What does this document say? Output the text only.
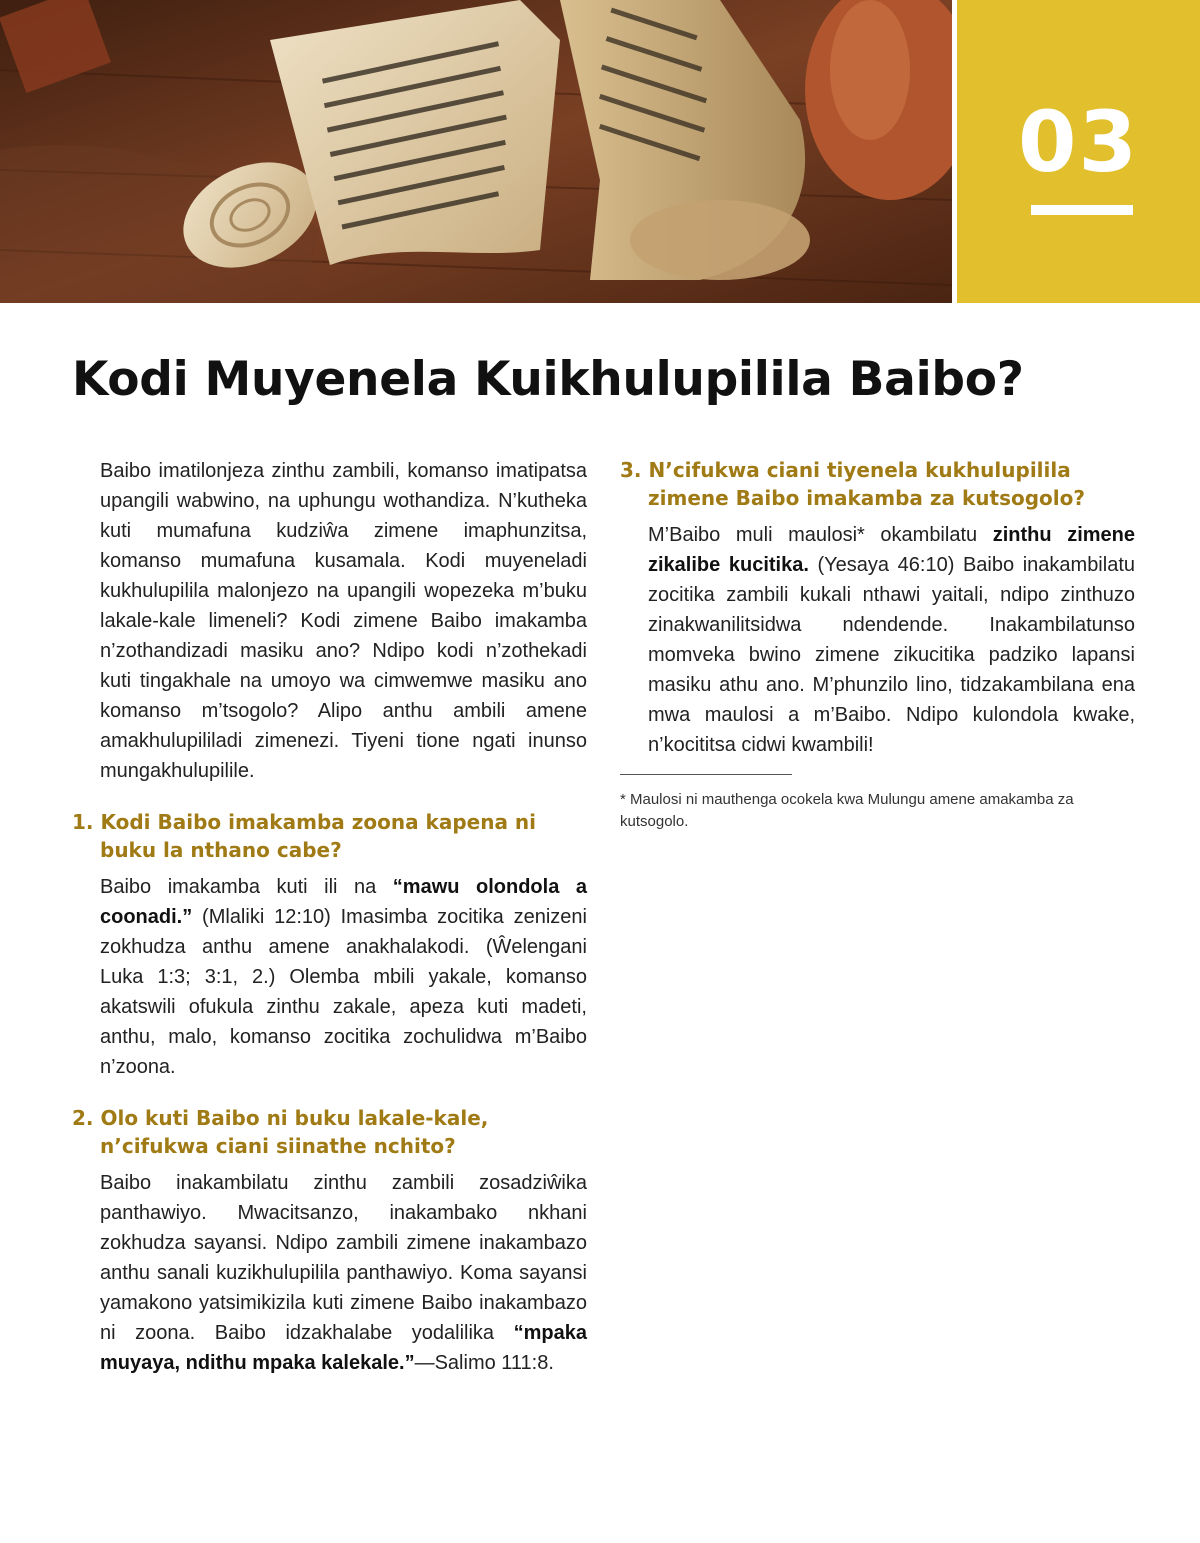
03
Kodi Muyenela Kuikhulupilila Baibo?

Baibo imatilonjeza zinthu zambili, komanso imatipatsa upangili wabwino, na uphungu wothandiza. N’kutheka kuti mumafuna kudziŵa zimene imaphunzitsa, komanso mumafuna kusamala. Kodi muyeneladi kukhulupilila malonjezo na upangili wopezeka m’buku lakale-kale limeneli? Kodi zimene Baibo imakamba n’zothandizadi masiku ano? Ndipo kodi n’zothekadi kuti tingakhale na umoyo wa cimwemwe masiku ano komanso m’tsogolo? Alipo anthu ambili amene amakhulupililadi zimenezi. Tiyeni tione ngati inunso mungakhulupilile.

1. Kodi Baibo imakamba zoona kapena ni buku la nthano cabe?

Baibo imakamba kuti ili na “mawu olondola a coonadi.” (Mlaliki 12:10) Imasimba zocitika zenizeni zokhudza anthu amene anakhalakodi. (Ŵelengani Luka 1:3; 3:1, 2.) Olemba mbili yakale, komanso akatswili ofukula zinthu zakale, apeza kuti madeti, anthu, malo, komanso zocitika zochulidwa m’Baibo n’zoona.

2. Olo kuti Baibo ni buku lakale-kale, n’cifukwa ciani siinathe nchito?

Baibo inakambilatu zinthu zambili zosadziŵika panthawiyo. Mwacitsanzo, inakambako nkhani zokhudza sayansi. Ndipo zambili zimene inakambazo anthu sanali kuzikhulupilila panthawiyo. Koma sayansi yamakono yatsimikizila kuti zimene Baibo inakambazo ni zoona. Baibo idzakhalabe yodalilika “mpaka muyaya, ndithu mpaka kalekale.”—Salimo 111:8.

3. N’cifukwa ciani tiyenela kukhulupilila zimene Baibo imakamba za kutsogolo?

M’Baibo muli maulosi* okambilatu zinthu zimene zikalibe kucitika. (Yesaya 46:10) Baibo inakambilatu zocitika zambili kukali nthawi yaitali, ndipo zinthuzo zinakwanilitsidwa ndendende. Inakambilatunso momveka bwino zimene zikucitika padziko lapansi masiku athu ano. M’phunzilo lino, tidzakambilana ena mwa maulosi a m’Baibo. Ndipo kulondola kwake, n’kocititsa cidwi kwambili!

* Maulosi ni mauthenga ocokela kwa Mulungu amene amakamba za kutsogolo.
